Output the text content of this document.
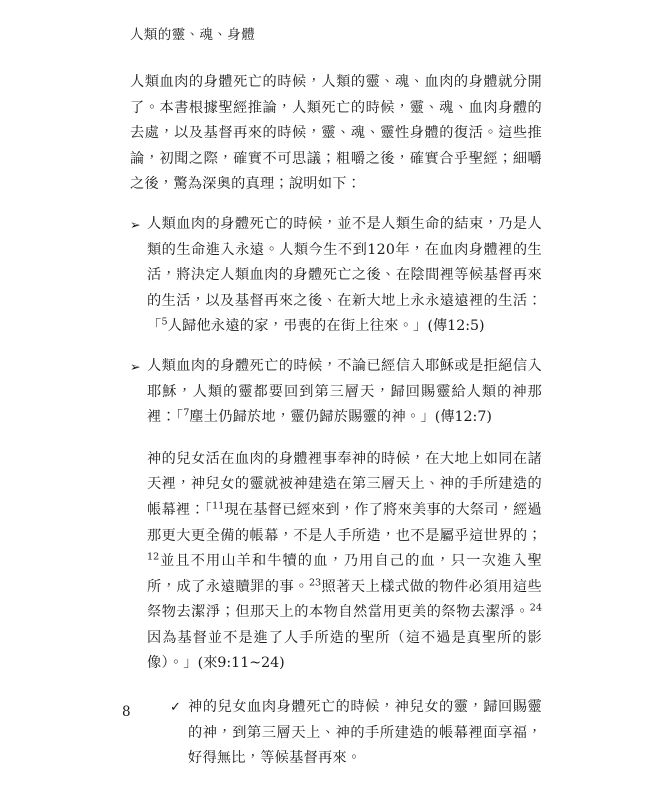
人類的靈、魂、身體

人類血肉的身體死亡的時候，人類的靈、魂、血肉的身體就分開了。本書根據聖經推論，人類死亡的時候，靈、魂、血肉身體的去處，以及基督再來的時候，靈、魂、靈性身體的復活。這些推論，初聞之際，確實不可思議；粗嚼之後，確實合乎聖經；細嚼之後，驚為深奧的真理；說明如下：

➢ 人類血肉的身體死亡的時候，並不是人類生命的結束，乃是人類的生命進入永遠。人類今生不到120年，在血肉身體裡的生活，將決定人類血肉的身體死亡之後、在陰間裡等候基督再來的生活，以及基督再來之後、在新大地上永永遠遠裡的生活：「$^5$人歸他永遠的家，弔喪的在街上往來。」(傳12:5)

➢ 人類血肉的身體死亡的時候，不論已經信入耶穌或是拒絕信入耶穌，人類的靈都要回到第三層天，歸回賜靈給人類的神那裡：「$^7$塵土仍歸於地，靈仍歸於賜靈的神。」(傳12:7)

神的兒女活在血肉的身體裡事奉神的時候，在大地上如同在諸天裡，神兒女的靈就被神建造在第三層天上、神的手所建造的帳幕裡：「$^{11}$現在基督已經來到，作了將來美事的大祭司，經過那更大更全備的帳幕，不是人手所造，也不是屬乎這世界的；$^{12}$並且不用山羊和牛犢的血，乃用自己的血，只一次進入聖所，成了永遠贖罪的事。$^{23}$照著天上樣式做的物件必須用這些祭物去潔淨；但那天上的本物自然當用更美的祭物去潔淨。$^{24}$因為基督並不是進了人手所造的聖所（這不過是真聖所的影像）。」(來9:11~24)

✓ 神的兒女血肉身體死亡的時候，神兒女的靈，歸回賜靈的神，到第三層天上、神的手所建造的帳幕裡面享福，好得無比，等候基督再來。

8
